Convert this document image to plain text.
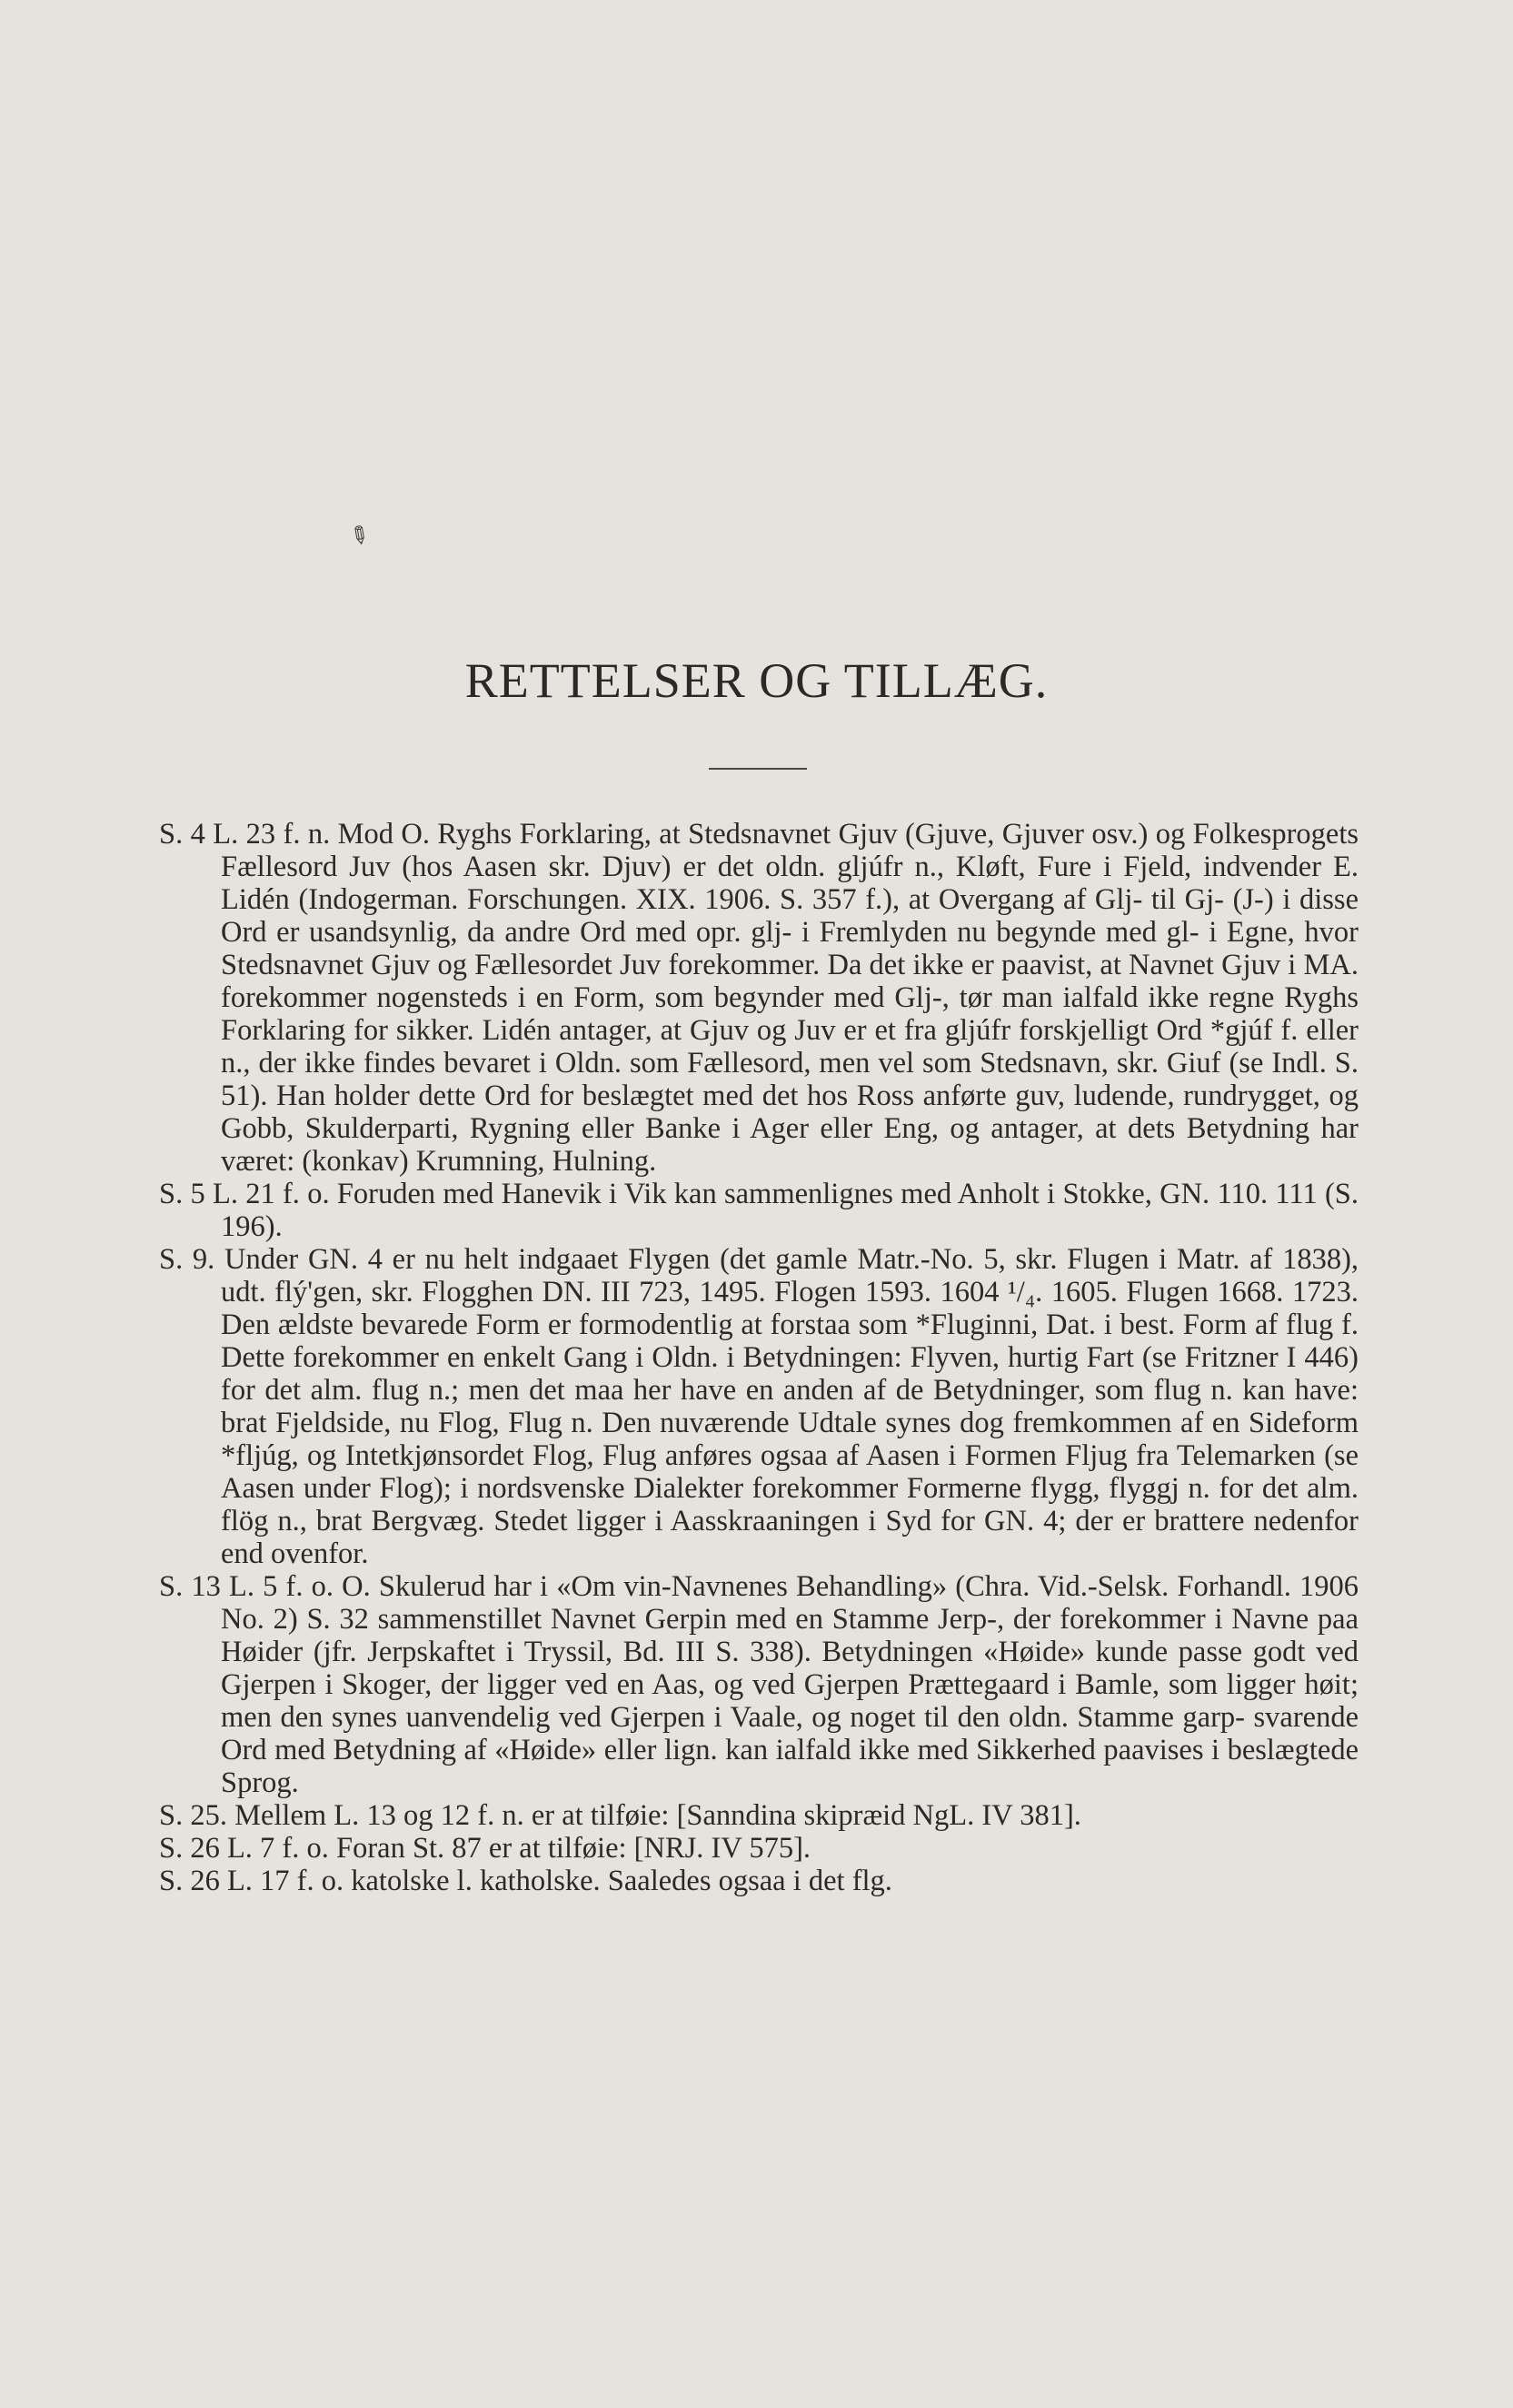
✎
RETTELSER OG TILLÆG.

S. 4 L. 23 f. n. Mod O. Ryghs Forklaring, at Stedsnavnet Gjuv (Gjuve, Gjuver osv.) og Folkesprogets Fællesord Juv (hos Aasen skr. Djuv) er det oldn. gljúfr n., Kløft, Fure i Fjeld, indvender E. Lidén (Indogerman. Forschungen. XIX. 1906. S. 357 f.), at Overgang af Glj- til Gj- (J-) i disse Ord er usandsynlig, da andre Ord med opr. glj- i Fremlyden nu begynde med gl- i Egne, hvor Stedsnavnet Gjuv og Fællesordet Juv forekommer. Da det ikke er paavist, at Navnet Gjuv i MA. forekommer nogensteds i en Form, som begynder med Glj-, tør man ialfald ikke regne Ryghs Forklaring for sikker. Lidén antager, at Gjuv og Juv er et fra gljúfr forskjelligt Ord *gjúf f. eller n., der ikke findes bevaret i Oldn. som Fællesord, men vel som Stedsnavn, skr. Giuf (se Indl. S. 51). Han holder dette Ord for beslægtet med det hos Ross anførte guv, ludende, rundrygget, og Gobb, Skulderparti, Rygning eller Banke i Ager eller Eng, og antager, at dets Betydning har været: (konkav) Krumning, Hulning.

S. 5 L. 21 f. o. Foruden med Hanevik i Vik kan sammenlignes med Anholt i Stokke, GN. 110. 111 (S. 196).

S. 9. Under GN. 4 er nu helt indgaaet Flygen (det gamle Matr.-No. 5, skr. Flugen i Matr. af 1838), udt. flý'gen, skr. Flogghen DN. III 723, 1495. Flogen 1593. 1604 ¹/₄. 1605. Flugen 1668. 1723. Den ældste bevarede Form er formodentlig at forstaa som *Fluginni, Dat. i best. Form af flug f. Dette forekommer en enkelt Gang i Oldn. i Betydningen: Flyven, hurtig Fart (se Fritzner I 446) for det alm. flug n.; men det maa her have en anden af de Betydninger, som flug n. kan have: brat Fjeldside, nu Flog, Flug n. Den nuværende Udtale synes dog fremkommen af en Sideform *fljúg, og Intetkjønsordet Flog, Flug anføres ogsaa af Aasen i Formen Fljug fra Telemarken (se Aasen under Flog); i nordsvenske Dialekter forekommer Formerne flygg, flyggj n. for det alm. flög n., brat Bergvæg. Stedet ligger i Aasskraaningen i Syd for GN. 4; der er brattere nedenfor end ovenfor.

S. 13 L. 5 f. o. O. Skulerud har i «Om vin-Navnenes Behandling» (Chra. Vid.-Selsk. Forhandl. 1906 No. 2) S. 32 sammenstillet Navnet Gerpin med en Stamme Jerp-, der forekommer i Navne paa Høider (jfr. Jerpskaftet i Tryssil, Bd. III S. 338). Betydningen «Høide» kunde passe godt ved Gjerpen i Skoger, der ligger ved en Aas, og ved Gjerpen Prættegaard i Bamle, som ligger høit; men den synes uanvendelig ved Gjerpen i Vaale, og noget til den oldn. Stamme garp- svarende Ord med Betydning af «Høide» eller lign. kan ialfald ikke med Sikkerhed paavises i beslægtede Sprog.

S. 25. Mellem L. 13 og 12 f. n. er at tilføie: [Sanndina skipræid NgL. IV 381].

S. 26 L. 7 f. o. Foran St. 87 er at tilføie: [NRJ. IV 575].

S. 26 L. 17 f. o. katolske l. katholske. Saaledes ogsaa i det flg.
